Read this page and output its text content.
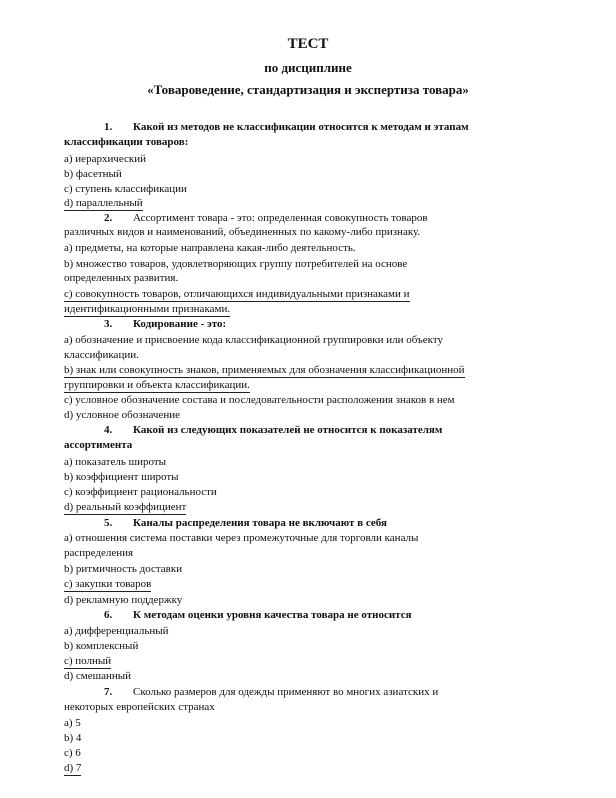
ТЕСТ
по дисциплине
«Товароведение, стандартизация и экспертиза товара»
1. Какой из методов не классификации относится к методам и этапам
классификации товаров:
a) иерархический
b) фасетный
c) ступень классификации
d) параллельный
2. Ассортимент товара - это: определенная совокупность товаров
различных видов и наименований, объединенных по какому-либо признаку.
a) предметы, на которые направлена какая-либо деятельность.
b) множество товаров, удовлетворяющих группу потребителей на основе
определенных развития.
c) совокупность товаров, отличающихся индивидуальными признаками и
идентификационными признаками.
3. Кодирование - это:
a) обозначение и присвоение кода классификационной группировки или объекту
классификации.
b) знак или совокупность знаков, применяемых для обозначения классификационной
группировки и объекта классификации.
c) условное обозначение состава и последовательности расположения знаков в нем
d) условное обозначение
4. Какой из следующих показателей не относится к показателям
ассортимента
a) показатель широты
b) коэффициент широты
c) коэффициент рациональности
d) реальный коэффициент
5. Каналы распределения товара не включают в себя
a) отношения система поставки через промежуточные для торговли каналы
распределения
b) ритмичность доставки
c) закупки товаров
d) рекламную поддержку
6. К методам оценки уровня качества товара не относится
a) дифференциальный
b) комплексный
c) полный
d) смешанный
7. Сколько размеров для одежды применяют во многих азиатских и
некоторых европейских странах
a) 5
b) 4
c) 6
d) 7
